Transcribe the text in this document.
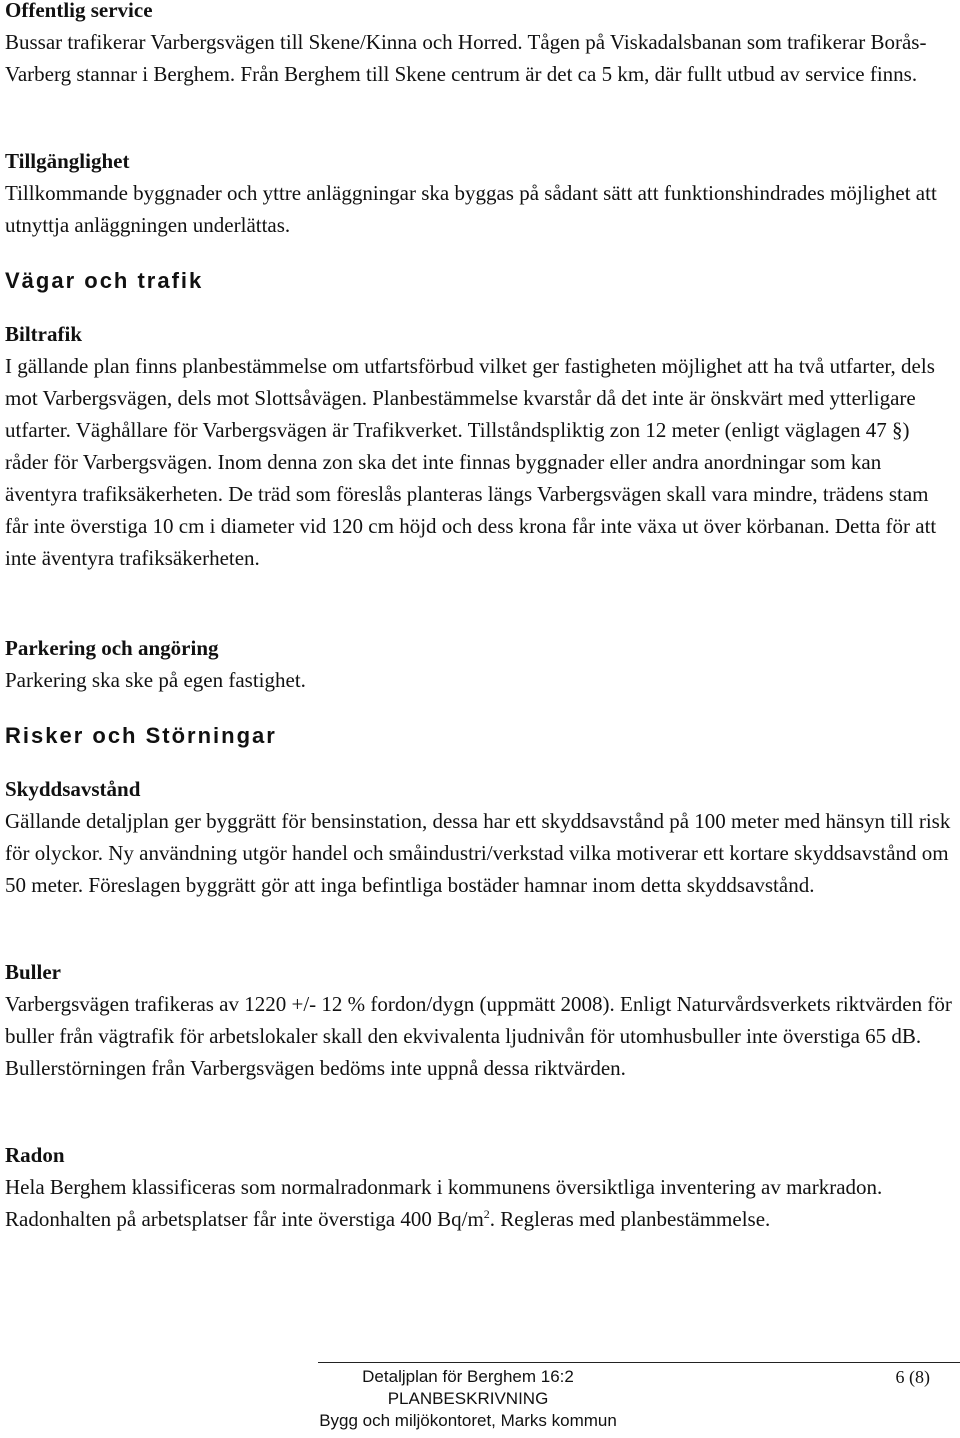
Offentlig service

Bussar trafikerar Varbergsvägen till Skene/Kinna och Horred. Tågen på Viskadalsbanan som trafikerar Borås-Varberg stannar i Berghem. Från Berghem till Skene centrum är det ca 5 km, där fullt utbud av service finns.

Tillgänglighet

Tillkommande byggnader och yttre anläggningar ska byggas på sådant sätt att funktionshindrades möjlighet att utnyttja anläggningen underlättas.

Vägar och trafik
Biltrafik

I gällande plan finns planbestämmelse om utfartsförbud vilket ger fastigheten möjlighet att ha två utfarter, dels mot Varbergsvägen, dels mot Slottsåvägen. Planbestämmelse kvarstår då det inte är önskvärt med ytterligare utfarter. Väghållare för Varbergsvägen är Trafikverket. Tillståndspliktig zon 12 meter (enligt väglagen 47 §) råder för Varbergsvägen. Inom denna zon ska det inte finnas byggnader eller andra anordningar som kan äventyra trafiksäkerheten. De träd som föreslås planteras längs Varbergsvägen skall vara mindre, trädens stam får inte överstiga 10 cm i diameter vid 120 cm höjd och dess krona får inte växa ut över körbanan. Detta för att inte äventyra trafiksäkerheten.

Parkering och angöring

Parkering ska ske på egen fastighet.

Risker och Störningar
Skyddsavstånd

Gällande detaljplan ger byggrätt för bensinstation, dessa har ett skyddsavstånd på 100 meter med hänsyn till risk för olyckor. Ny användning utgör handel och småindustri/verkstad vilka motiverar ett kortare skyddsavstånd om 50 meter. Föreslagen byggrätt gör att inga befintliga bostäder hamnar inom detta skyddsavstånd.

Buller

Varbergsvägen trafikeras av 1220 +/- 12 % fordon/dygn (uppmätt 2008). Enligt Naturvårdsverkets riktvärden för buller från vägtrafik för arbetslokaler skall den ekvivalenta ljudnivån för utomhusbuller inte överstiga 65 dB. Bullerstörningen från Varbergsvägen bedöms inte uppnå dessa riktvärden.

Radon

Hela Berghem klassificeras som normalradonmark i kommunens översiktliga inventering av markradon. Radonhalten på arbetsplatser får inte överstiga 400 $Bq/m^2$. Regleras med planbestämmelse.

Detaljplan för Berghem 16:2
PLANBESKRIVNING
Bygg och miljökontoret, Marks kommun
6 (8)
